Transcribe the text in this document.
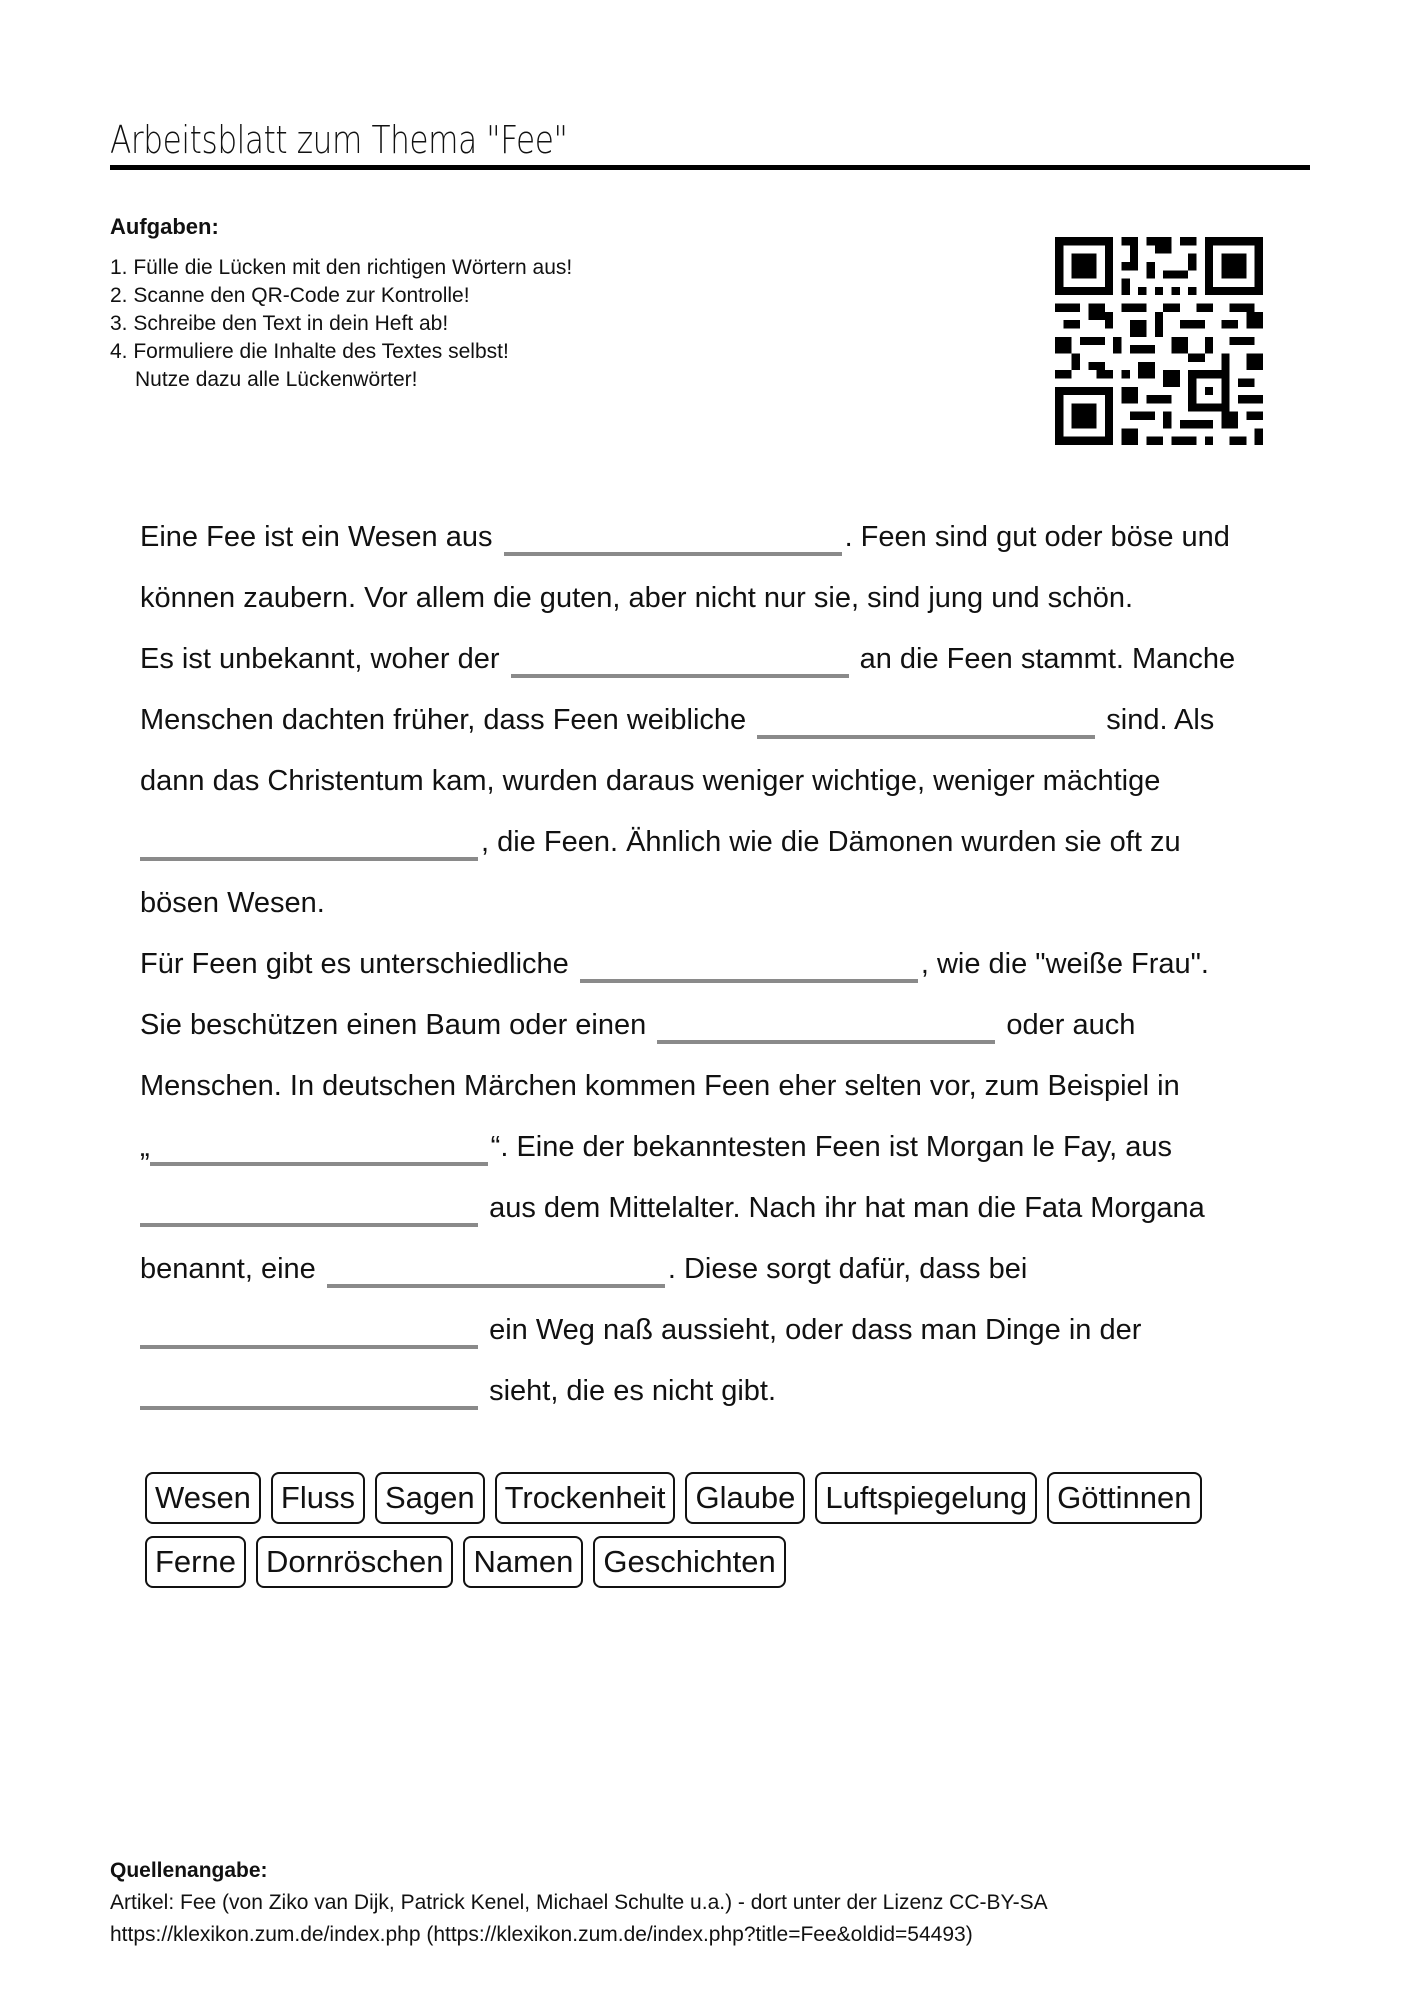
Arbeitsblatt zum Thema "Fee"
Aufgaben:
1. Fülle die Lücken mit den richtigen Wörtern aus!
2. Scanne den QR-Code zur Kontrolle!
3. Schreibe den Text in dein Heft ab!
4. Formuliere die Inhalte des Textes selbst!
Nutze dazu alle Lückenwörter!
Eine Fee ist ein Wesen aus	. Feen sind gut oder böse und
können zaubern. Vor allem die guten, aber nicht nur sie, sind jung und schön.
Es ist unbekannt, woher der	an die Feen stammt. Manche
Menschen dachten früher, dass Feen weibliche	sind. Als
dann das Christentum kam, wurden daraus weniger wichtige, weniger mächtige
, die Feen. Ähnlich wie die Dämonen wurden sie oft zu
bösen Wesen.
Für Feen gibt es unterschiedliche	, wie die "weiße Frau".
Sie beschützen einen Baum oder einen	oder auch
Menschen. In deutschen Märchen kommen Feen eher selten vor, zum Beispiel in
„	“. Eine der bekanntesten Feen ist Morgan le Fay, aus
aus dem Mittelalter. Nach ihr hat man die Fata Morgana
benannt, eine	. Diese sorgt dafür, dass bei
ein Weg naß aussieht, oder dass man Dinge in der
sieht, die es nicht gibt.
Wesen Fluss Sagen Trockenheit Glaube Luftspiegelung Göttinnen
Ferne Dornröschen Namen Geschichten
Quellenangabe:
Artikel: Fee (von Ziko van Dijk, Patrick Kenel, Michael Schulte u.a.) - dort unter der Lizenz CC-BY-SA
https://klexikon.zum.de/index.php (https://klexikon.zum.de/index.php?title=Fee&oldid=54493)
